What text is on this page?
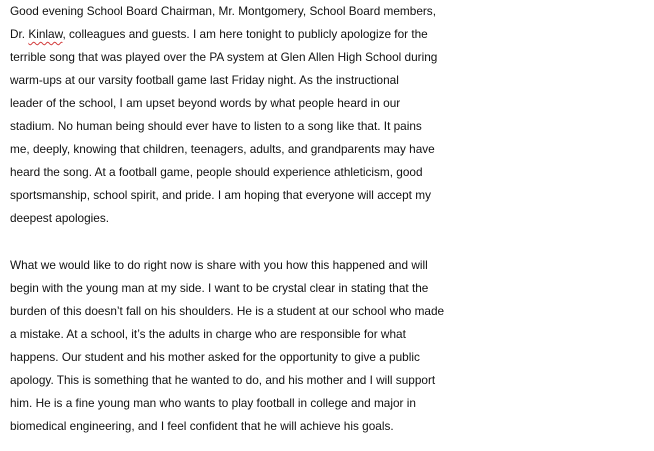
Good evening School Board Chairman, Mr. Montgomery, School Board members,
Dr. Kinlaw, colleagues and guests. I am here tonight to publicly apologize for the
terrible song that was played over the PA system at Glen Allen High School during
warm-ups at our varsity football game last Friday night. As the instructional
leader of the school, I am upset beyond words by what people heard in our
stadium. No human being should ever have to listen to a song like that. It pains
me, deeply, knowing that children, teenagers, adults, and grandparents may have
heard the song. At a football game, people should experience athleticism, good
sportsmanship, school spirit, and pride. I am hoping that everyone will accept my
deepest apologies.
What we would like to do right now is share with you how this happened and will
begin with the young man at my side. I want to be crystal clear in stating that the
burden of this doesn’t fall on his shoulders. He is a student at our school who made
a mistake. At a school, it’s the adults in charge who are responsible for what
happens. Our student and his mother asked for the opportunity to give a public
apology. This is something that he wanted to do, and his mother and I will support
him. He is a fine young man who wants to play football in college and major in
biomedical engineering, and I feel confident that he will achieve his goals.
